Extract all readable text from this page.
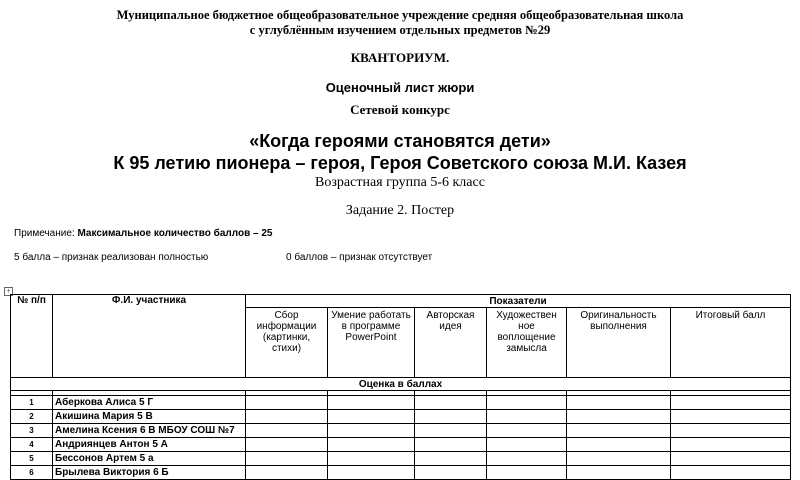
Муниципальное бюджетное общеобразовательное учреждение средняя общеобразовательная школа
с углублённым изучением отдельных предметов №29
КВАНТОРИУМ.
Оценочный лист жюри
Сетевой конкурс
«Когда героями становятся дети»
К 95 летию пионера – героя, Героя Советского союза М.И. Казея
Возрастная группа 5-6 класс
Задание 2. Постер
Примечание: Максимальное количество баллов – 25
5 балла – признак реализован полностью	0 баллов – признак отсутствует
+
№ п/п	Ф.И. участника	Показатели					
		Сбор информации (картинки, стихи)	Умение работать в программе PowerPoint	Авторская идея	Художествен ное воплощение замысла	Оригинальность выполнения	Итоговый балл
Оценка в баллах							

1	Аберкова Алиса 5 Г						
2	Акишина Мария 5 В						
3	Амелина Ксения 6 В МБОУ СОШ №7						
4	Андриянцев Антон 5 А						
5	Бессонов Артем 5 а						
6	Брылева Виктория 6 Б						
